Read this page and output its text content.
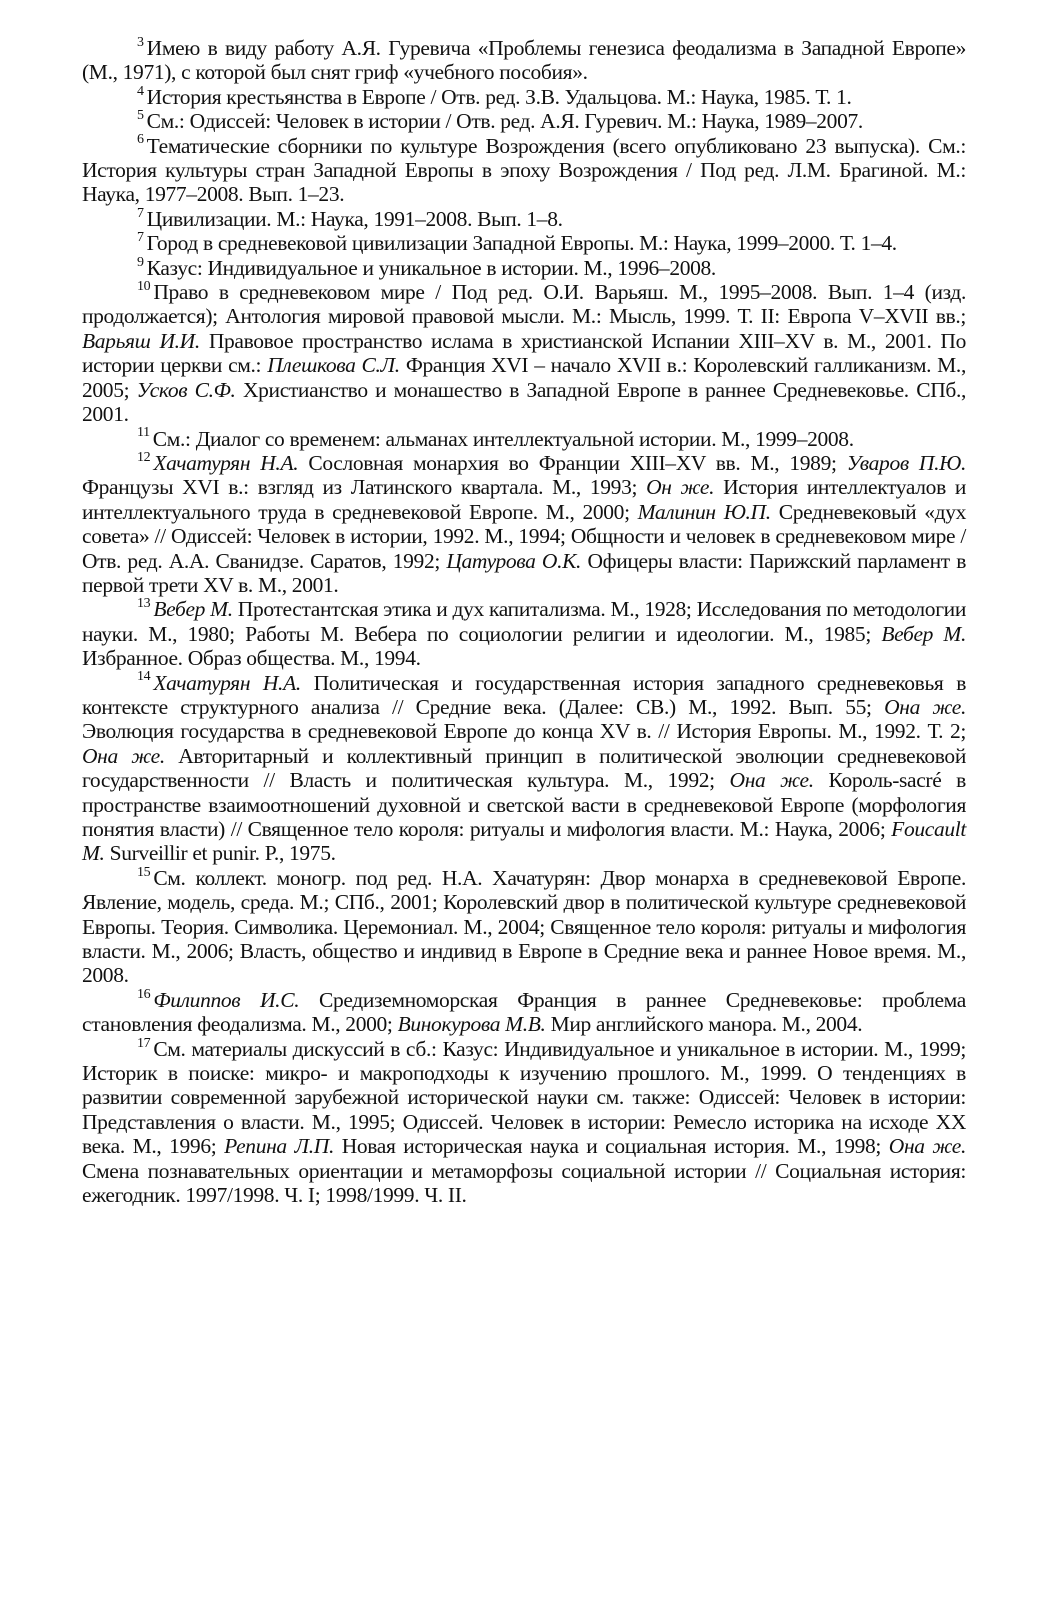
$^3$ Имею в виду работу А.Я. Гуревича «Проблемы генезиса феодализма в Западной Европе» (М., 1971), с которой был снят гриф «учебного пособия».

$^4$ История крестьянства в Европе / Отв. ред. З.В. Удальцова. М.: Наука, 1985. Т. 1.

$^5$ См.: Одиссей: Человек в истории / Отв. ред. А.Я. Гуревич. М.: Наука, 1989–2007.

$^6$ Тематические сборники по культуре Возрождения (всего опубликовано 23 выпуска). См.: История культуры стран Западной Европы в эпоху Возрождения / Под ред. Л.М. Брагиной. М.: Наука, 1977–2008. Вып. 1–23.

$^7$ Цивилизации. М.: Наука, 1991–2008. Вып. 1–8.

$^7$ Город в средневековой цивилизации Западной Европы. М.: Наука, 1999–2000. Т. 1–4.

$^9$ Казус: Индивидуальное и уникальное в истории. М., 1996–2008.

$^{10}$ Право в средневековом мире / Под ред. О.И. Варьяш. М., 1995–2008. Вып. 1–4 (изд. продолжается); Антология мировой правовой мысли. М.: Мысль, 1999. Т. II: Европа V–XVII вв.; Варьяш И.И. Правовое пространство ислама в христианской Испании XIII–XV в. М., 2001. По истории церкви см.: Плешкова С.Л. Франция XVI – начало XVII в.: Королевский галликанизм. М., 2005; Усков С.Ф. Христианство и монашество в Западной Европе в раннее Средневековье. СПб., 2001.

$^{11}$ См.: Диалог со временем: альманах интеллектуальной истории. М., 1999–2008.

$^{12}$ Хачатурян Н.А. Сословная монархия во Франции XIII–XV вв. М., 1989; Уваров П.Ю. Французы XVI в.: взгляд из Латинского квартала. М., 1993; Он же. История интеллектуалов и интеллектуального труда в средневековой Европе. М., 2000; Малинин Ю.П. Средневековый «дух совета» // Одиссей: Человек в истории, 1992. М., 1994; Общности и человек в средневековом мире / Отв. ред. А.А. Сванидзе. Саратов, 1992; Цатурова О.К. Офицеры власти: Парижский парламент в первой трети XV в. М., 2001.

$^{13}$ Вебер М. Протестантская этика и дух капитализма. М., 1928; Исследования по методологии науки. М., 1980; Работы М. Вебера по социологии религии и идеологии. М., 1985; Вебер М. Избранное. Образ общества. М., 1994.

$^{14}$ Хачатурян Н.А. Политическая и государственная история западного средневековья в контексте структурного анализа // Средние века. (Далее: СВ.) М., 1992. Вып. 55; Она же. Эволюция государства в средневековой Европе до конца XV в. // История Европы. М., 1992. Т. 2; Она же. Авторитарный и коллективный принцип в политической эволюции средневековой государственности // Власть и политическая культура. М., 1992; Она же. Король-sacré в пространстве взаимоотношений духовной и светской васти в средневековой Европе (морфология понятия власти) // Священное тело короля: ритуалы и мифология власти. М.: Наука, 2006; Foucault M. Surveillir et punir. P., 1975.

$^{15}$ См. коллект. моногр. под ред. Н.А. Хачатурян: Двор монарха в средневековой Европе. Явление, модель, среда. М.; СПб., 2001; Королевский двор в политической культуре средневековой Европы. Теория. Символика. Церемониал. М., 2004; Священное тело короля: ритуалы и мифология власти. М., 2006; Власть, общество и индивид в Европе в Средние века и раннее Новое время. М., 2008.

$^{16}$ Филиппов И.С. Средиземноморская Франция в раннее Средневековье: проблема становления феодализма. М., 2000; Винокурова М.В. Мир английского манора. М., 2004.

$^{17}$ См. материалы дискуссий в сб.: Казус: Индивидуальное и уникальное в истории. М., 1999; Историк в поиске: микро- и макроподходы к изучению прошлого. М., 1999. О тенденциях в развитии современной зарубежной исторической науки см. также: Одиссей: Человек в истории: Представления о власти. М., 1995; Одиссей. Человек в истории: Ремесло историка на исходе XX века. М., 1996; Репина Л.П. Новая историческая наука и социальная история. М., 1998; Она же. Смена познавательных ориентации и метаморфозы социальной истории // Социальная история: ежегодник. 1997/1998. Ч. I; 1998/1999. Ч. II.
